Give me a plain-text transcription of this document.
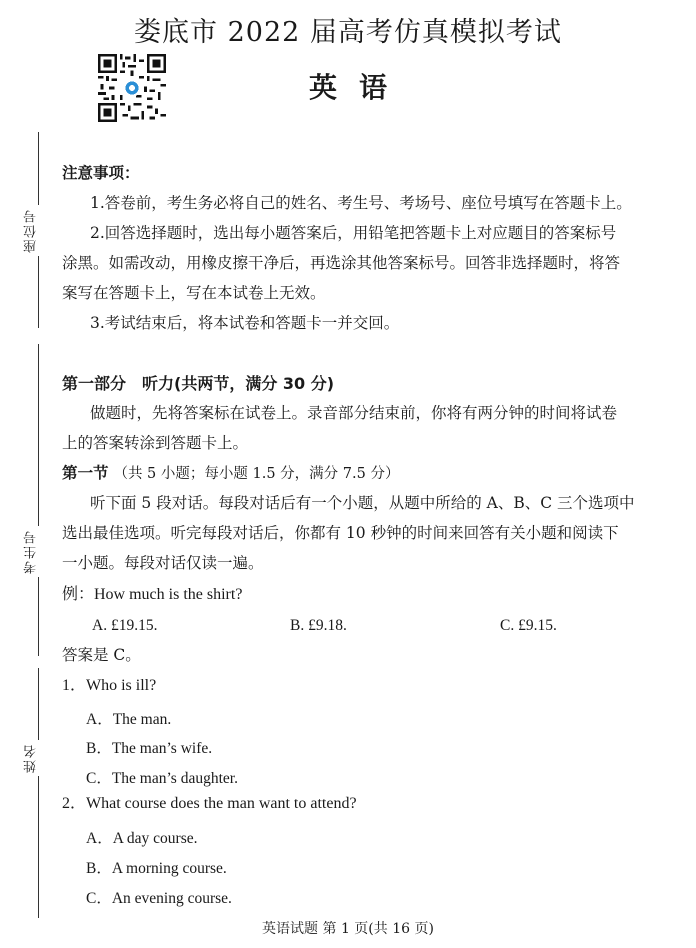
娄底市 2022 届高考仿真模拟考试
英语
座位号
考生号
姓名
注意事项：
1.答卷前，考生务必将自己的姓名、考生号、考场号、座位号填写在答题卡上。
2.回答选择题时，选出每小题答案后，用铅笔把答题卡上对应题目的答案标号
涂黑。如需改动，用橡皮擦干净后，再选涂其他答案标号。回答非选择题时，将答
案写在答题卡上，写在本试卷上无效。
3.考试结束后，将本试卷和答题卡一并交回。
第一部分　听力(共两节，满分 30 分)
做题时，先将答案标在试卷上。录音部分结束前，你将有两分钟的时间将试卷
上的答案转涂到答题卡上。
第一节 （共 5 小题；每小题 1.5 分，满分 7.5 分）
听下面 5 段对话。每段对话后有一个小题，从题中所给的 A、B、C 三个选项中
选出最佳选项。听完每段对话后，你都有 10 秒钟的时间来回答有关小题和阅读下
一小题。每段对话仅读一遍。
例：How much is the shirt?
A. £19.15.	B. £9.18.	C. £9.15.
答案是 C。
1．Who is ill?
A．The man.
B．The man’s wife.
C．The man’s daughter.
2．What course does the man want to attend?
A．A day course.
B．A morning course.
C．An evening course.
英语试题 第 1 页(共 16 页)
